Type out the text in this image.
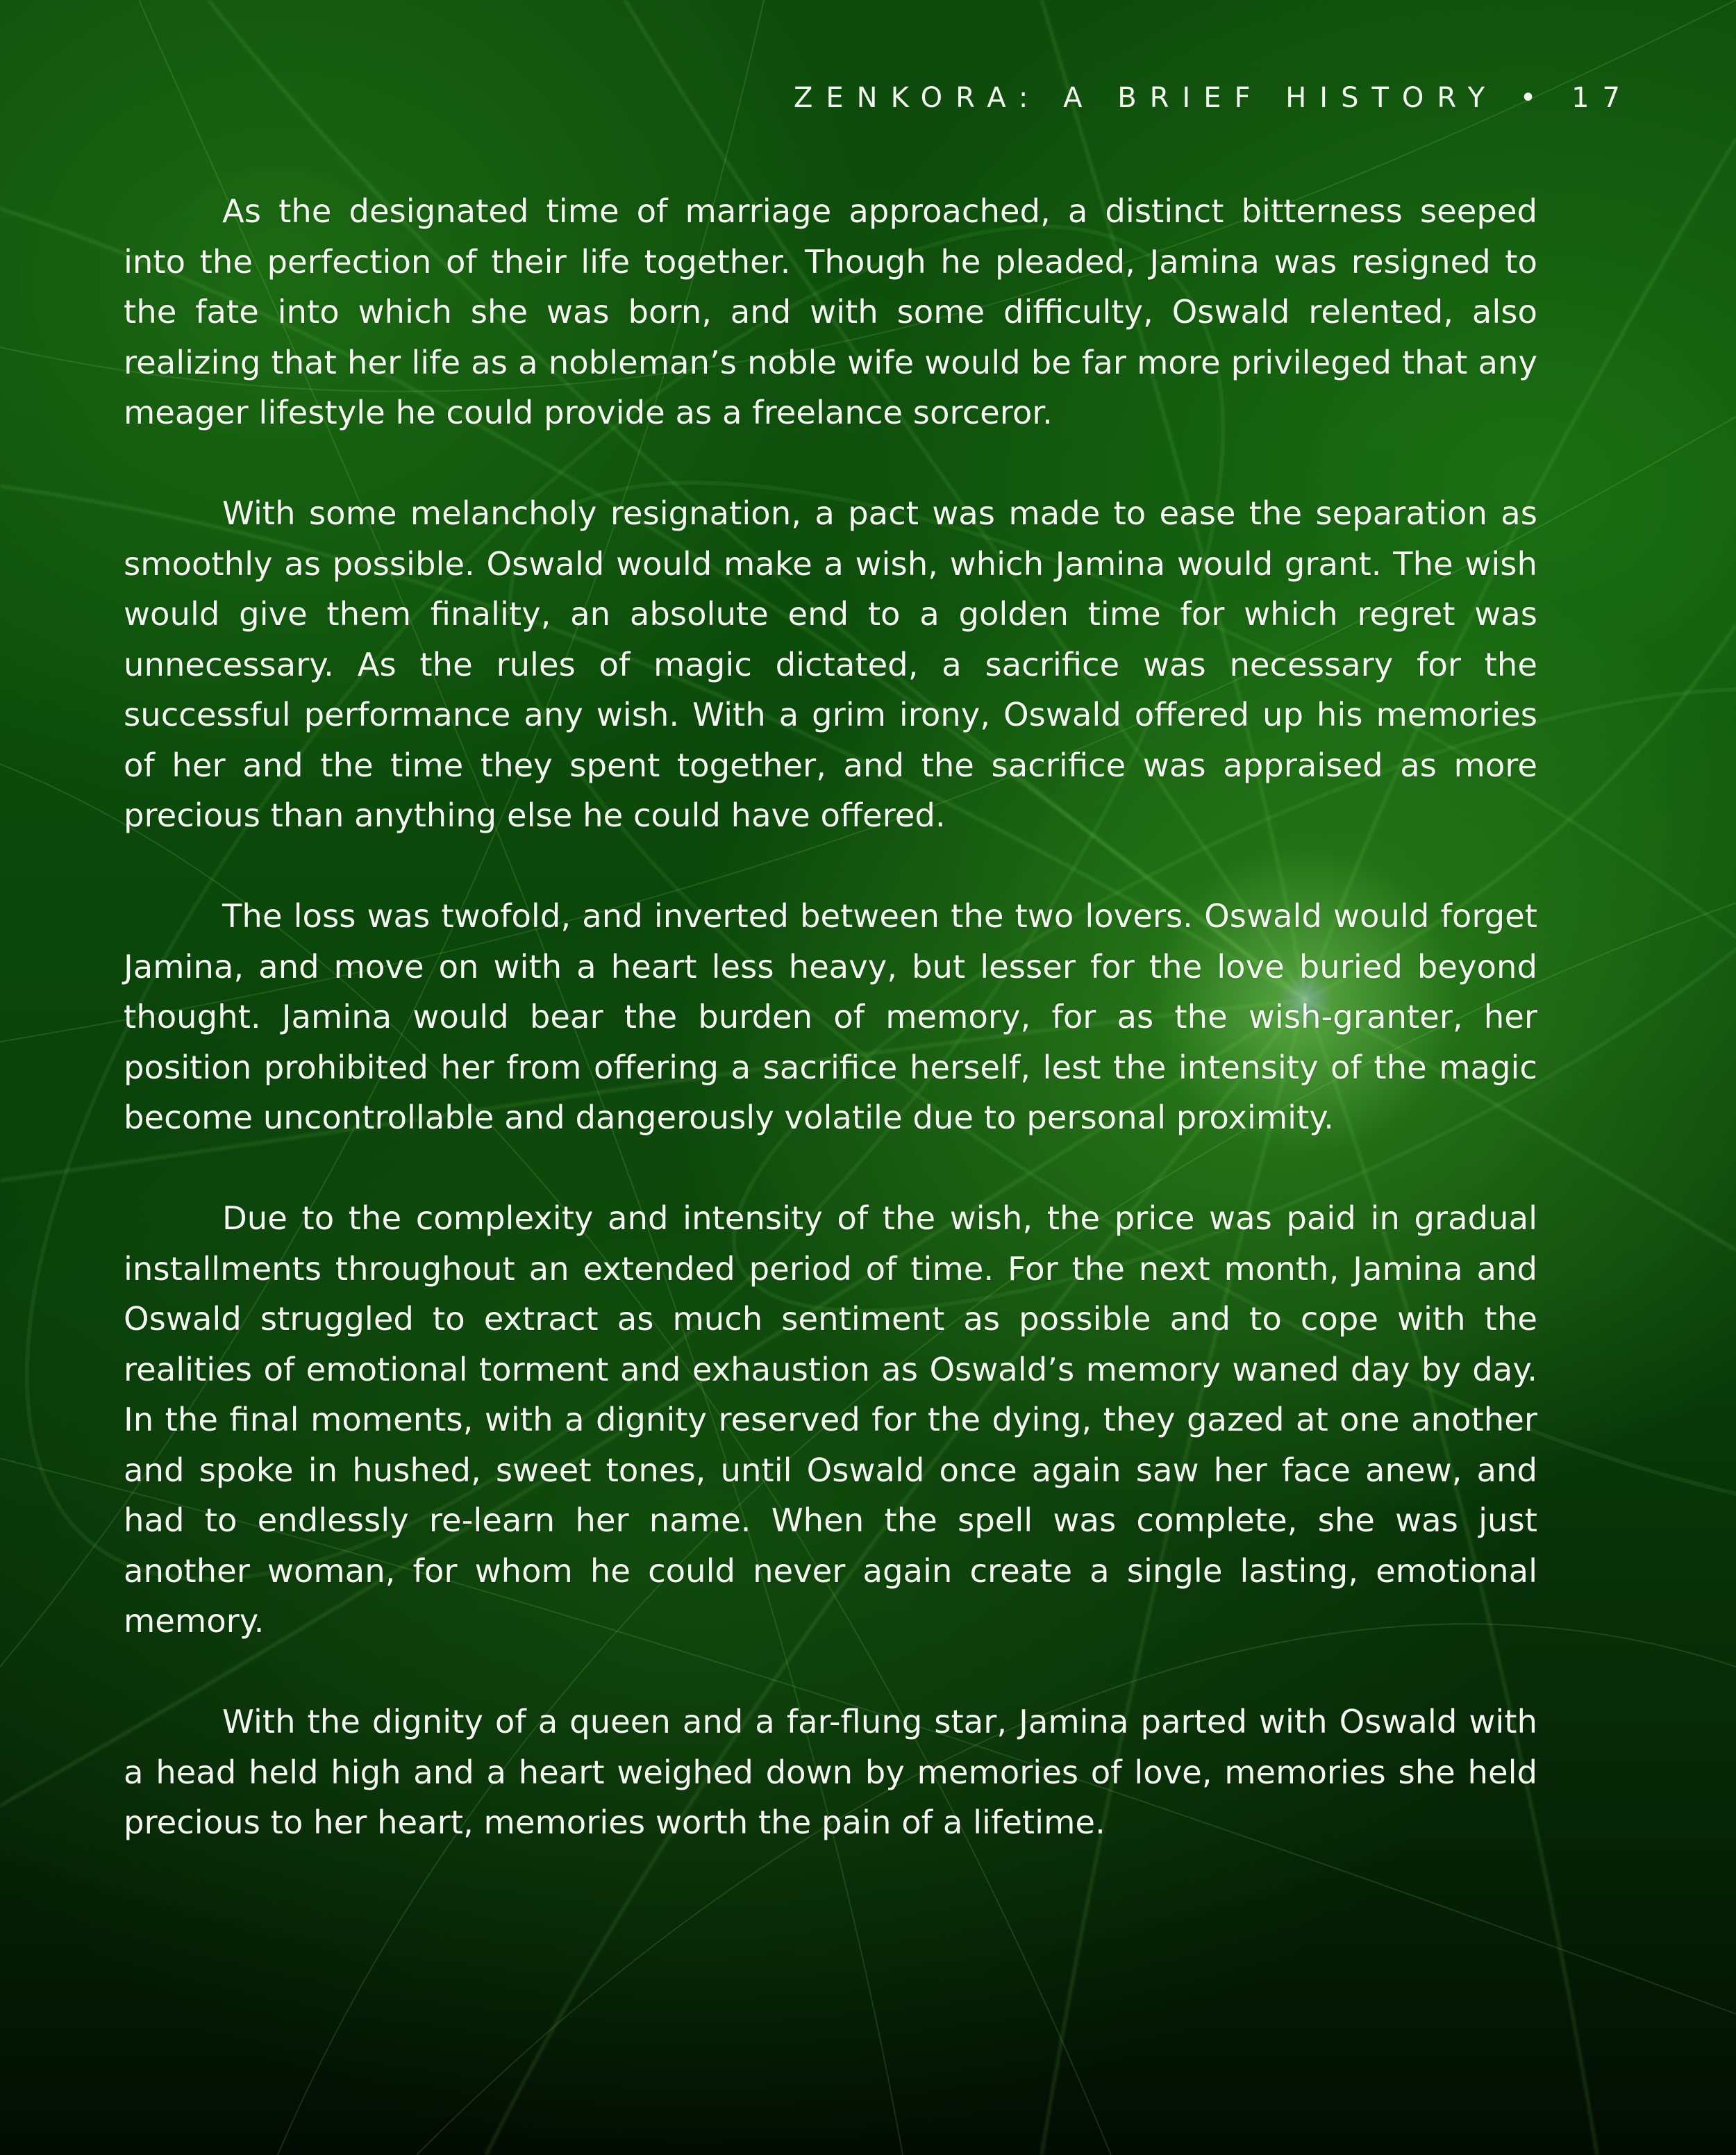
ZENKORA: A BRIEF HISTORY • 17

As the designated time of marriage approached, a distinct bitterness seeped into the perfection of their life together. Though he pleaded, Jamina was resigned to the fate into which she was born, and with some difficulty, Oswald relented, also realizing that her life as a nobleman’s noble wife would be far more privileged that any meager lifestyle he could provide as a freelance sorceror.

With some melancholy resignation, a pact was made to ease the separation as smoothly as possible. Oswald would make a wish, which Jamina would grant. The wish would give them finality, an absolute end to a golden time for which regret was unnecessary. As the rules of magic dictated, a sacrifice was necessary for the successful performance any wish. With a grim irony, Oswald offered up his memories of her and the time they spent together, and the sacrifice was appraised as more precious than anything else he could have offered.

The loss was twofold, and inverted between the two lovers. Oswald would forget Jamina, and move on with a heart less heavy, but lesser for the love buried beyond thought. Jamina would bear the burden of memory, for as the wish-granter, her position prohibited her from offering a sacrifice herself, lest the intensity of the magic become uncontrollable and dangerously volatile due to personal proximity.

Due to the complexity and intensity of the wish, the price was paid in gradual installments throughout an extended period of time. For the next month, Jamina and Oswald struggled to extract as much sentiment as possible and to cope with the realities of emotional torment and exhaustion as Oswald’s memory waned day by day. In the final moments, with a dignity reserved for the dying, they gazed at one another and spoke in hushed, sweet tones, until Oswald once again saw her face anew, and had to endlessly re-learn her name. When the spell was complete, she was just another woman, for whom he could never again create a single lasting, emotional memory.

With the dignity of a queen and a far-flung star, Jamina parted with Oswald with a head held high and a heart weighed down by memories of love, memories she held precious to her heart, memories worth the pain of a lifetime.
